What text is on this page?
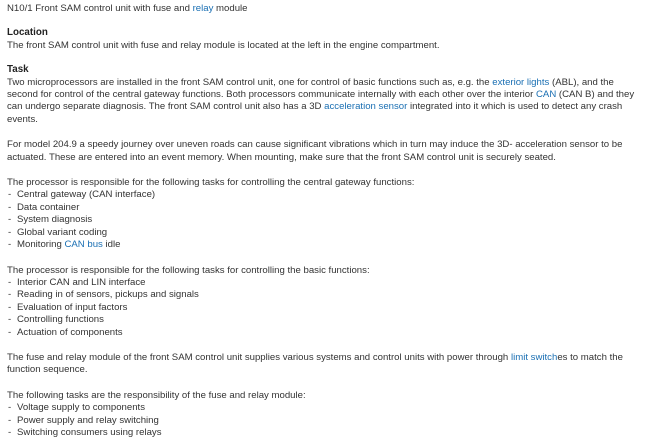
N10/1 Front SAM control unit with fuse and relay module

Location

The front SAM control unit with fuse and relay module is located at the left in the engine compartment.

Task

Two microprocessors are installed in the front SAM control unit, one for control of basic functions such as, e.g. the exterior lights (ABL), and the second for control of the central gateway functions. Both processors communicate internally with each other over the interior CAN (CAN B) and they can undergo separate diagnosis. The front SAM control unit also has a 3D acceleration sensor integrated into it which is used to detect any crash events.

For model 204.9 a speedy journey over uneven roads can cause significant vibrations which in turn may induce the 3D- acceleration sensor to be actuated. These are entered into an event memory. When mounting, make sure that the front SAM control unit is securely seated.

The processor is responsible for the following tasks for controlling the central gateway functions:

- Central gateway (CAN interface)
- Data container
- System diagnosis
- Global variant coding
- Monitoring CAN bus idle

The processor is responsible for the following tasks for controlling the basic functions:

- Interior CAN and LIN interface
- Reading in of sensors, pickups and signals
- Evaluation of input factors
- Controlling functions
- Actuation of components

The fuse and relay module of the front SAM control unit supplies various systems and control units with power through limit switches to match the function sequence.

The following tasks are the responsibility of the fuse and relay module:

- Voltage supply to components
- Power supply and relay switching
- Switching consumers using relays
